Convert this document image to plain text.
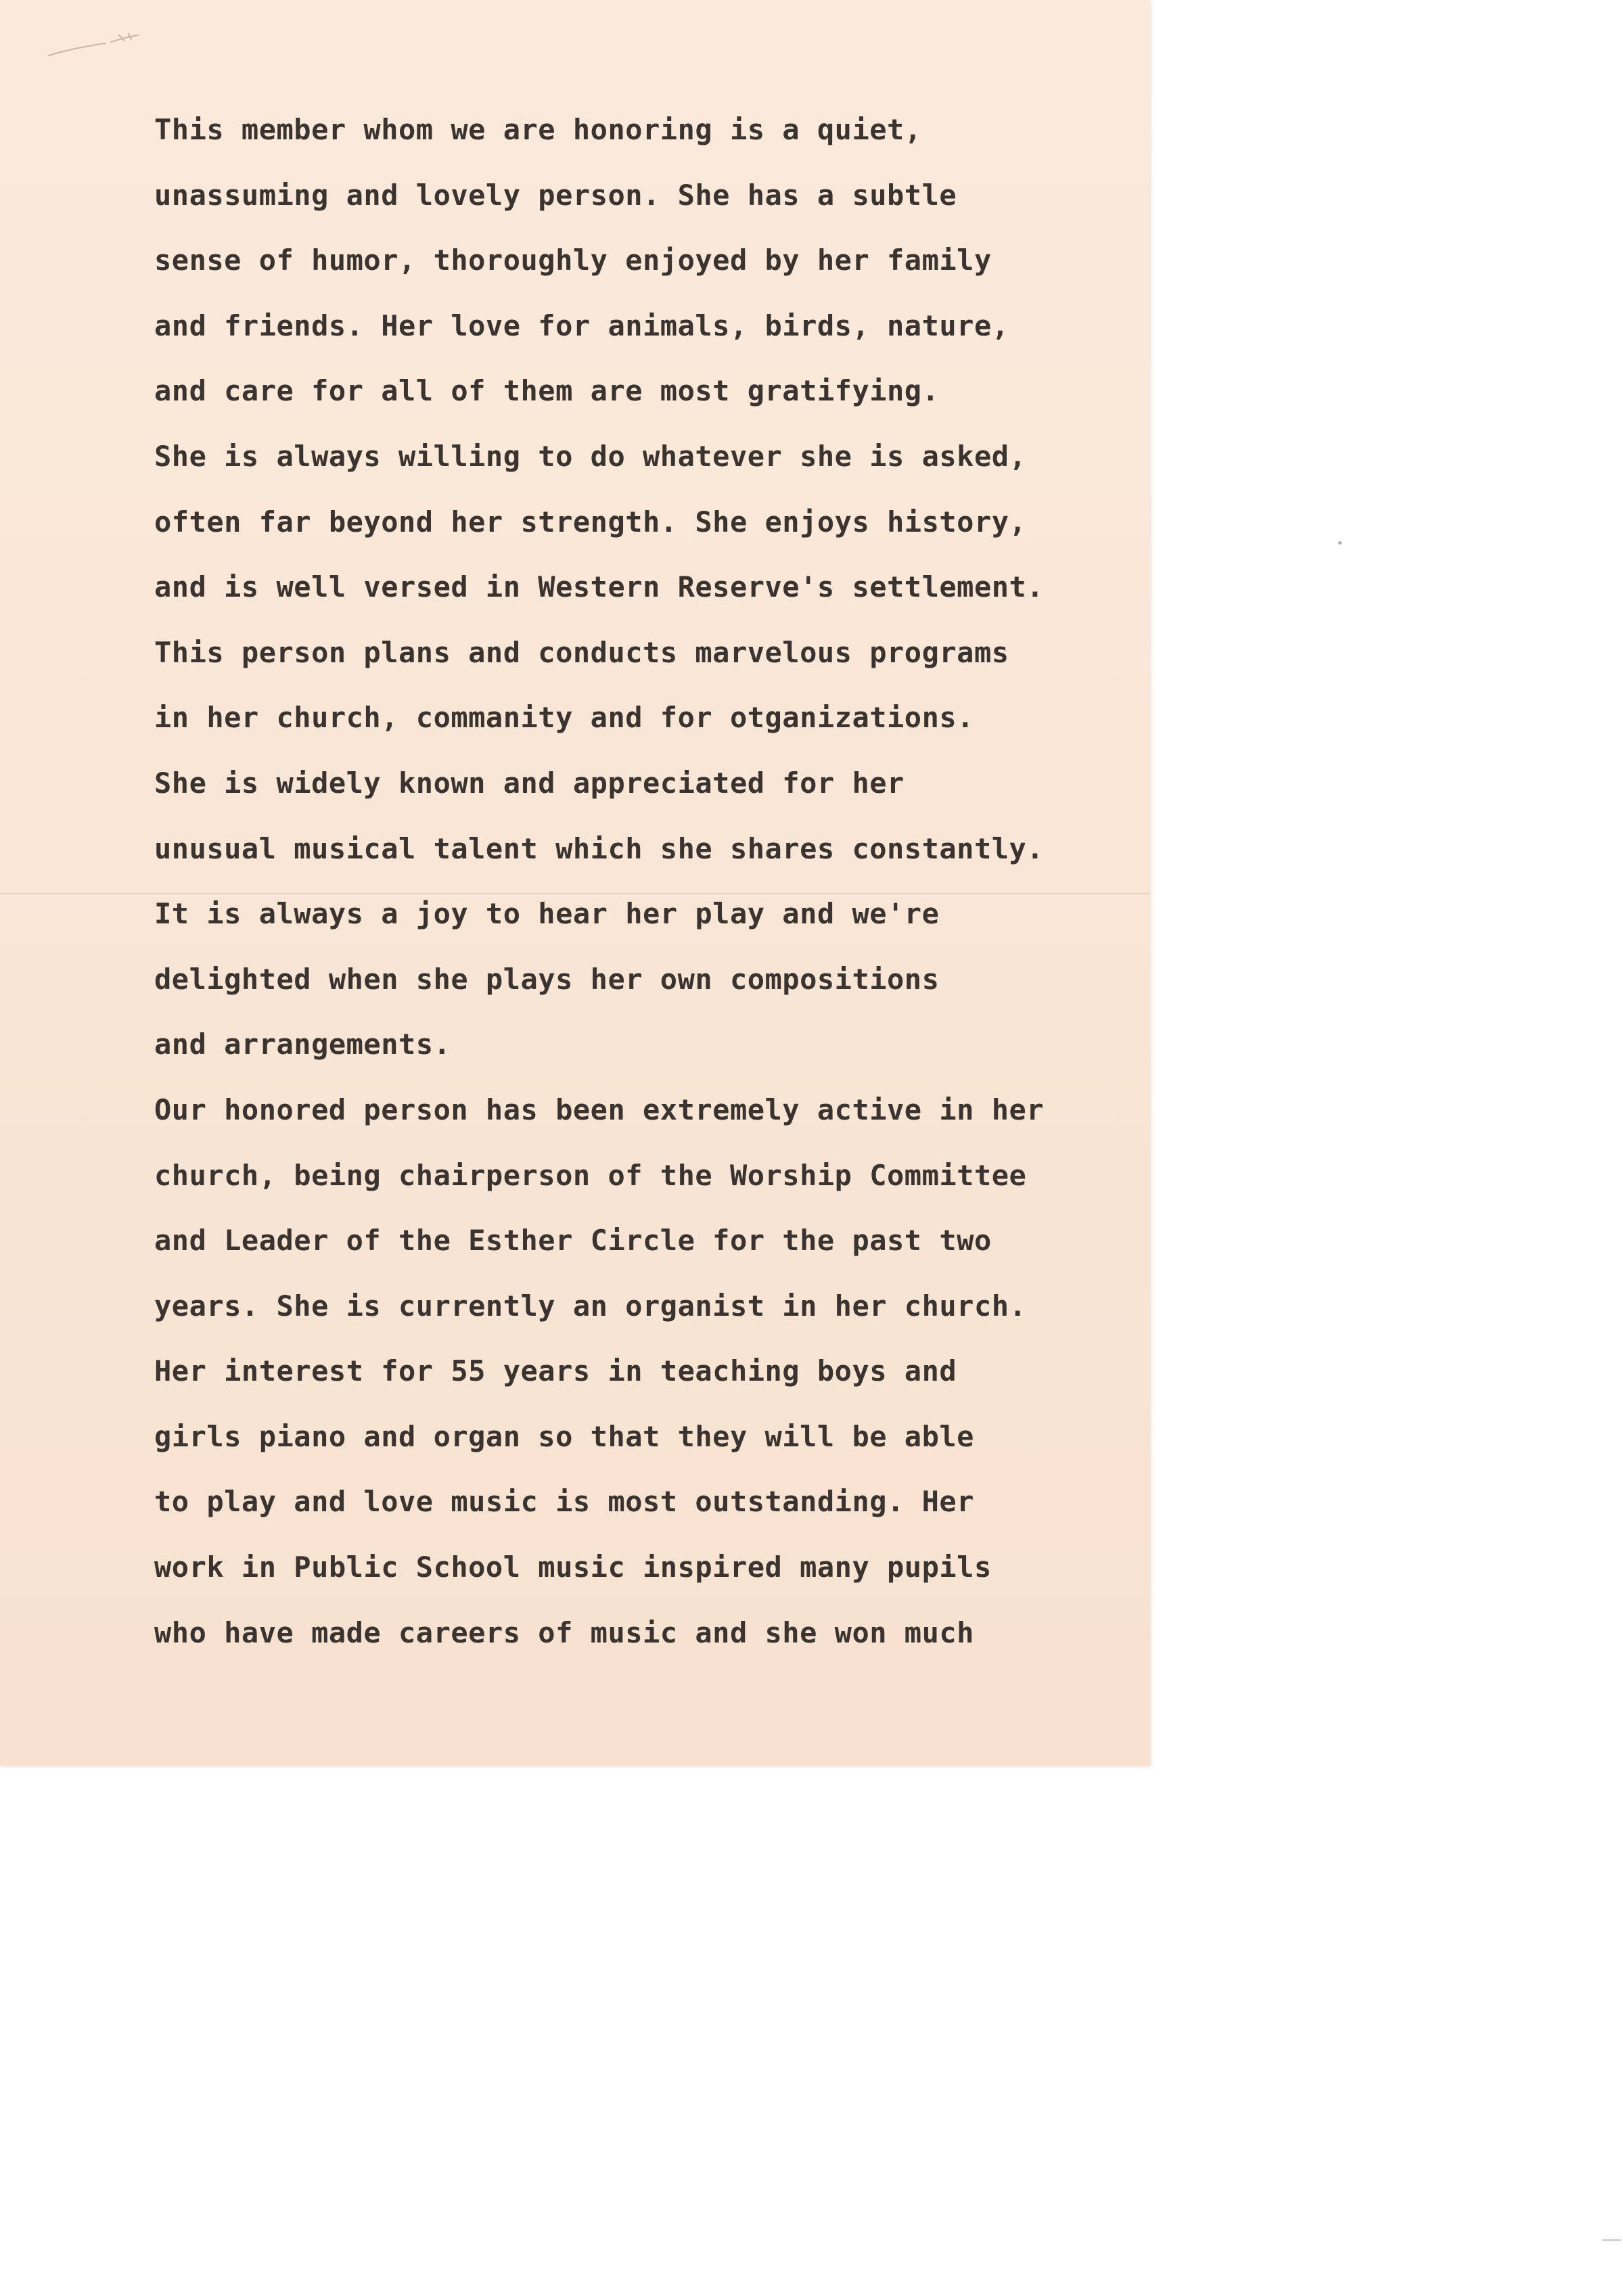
This member whom we are honoring is a quiet,
unassuming and lovely person. She has a subtle
sense of humor, thoroughly enjoyed by her family
and friends. Her love for animals, birds, nature,
and care for all of them are most gratifying.
She is always willing to do whatever she is asked,
often far beyond her strength. She enjoys history,
and is well versed in Western Reserve's settlement.
This person plans and conducts marvelous programs
in her church, commanity and for otganizations.
She is widely known and appreciated for her
unusual musical talent which she shares constantly.
It is always a joy to hear her play and we're
delighted when she plays her own compositions
and arrangements.
Our honored person has been extremely active in her
church, being chairperson of the Worship Committee
and Leader of the Esther Circle for the past two
years. She is currently an organist in her church.
Her interest for 55 years in teaching boys and
girls piano and organ so that they will be able
to play and love music is most outstanding. Her
work in Public School music inspired many pupils
who have made careers of music and she won much
